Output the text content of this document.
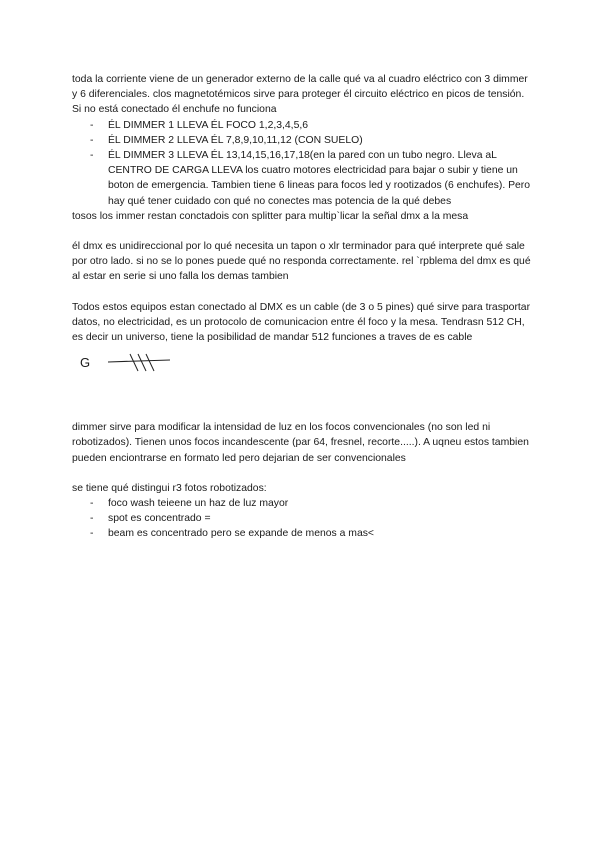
toda la corriente viene de un generador externo de la calle qué va al cuadro eléctrico con 3 dimmer y 6 diferenciales. clos magnetotémicos sirve para proteger él circuito eléctrico en picos de tensión. Si no está conectado él enchufe no funciona

- ÉL DIMMER 1 LLEVA ÉL FOCO 1,2,3,4,5,6
- ÉL DIMMER 2 LLEVA ÉL 7,8,9,10,11,12 (CON SUELO)
- ÉL DIMMER 3 LLEVA ÉL 13,14,15,16,17,18(en la pared con un tubo negro. Lleva aL CENTRO DE CARGA LLEVA los cuatro motores electricidad para bajar o subir y tiene un boton de emergencia. Tambien tiene 6 lineas para focos led y rootizados (6 enchufes). Pero hay qué tener cuidado con qué no conectes mas potencia de la qué debes

tosos los immer restan conctadois con splitter para multip`licar la señal dmx a la mesa

él dmx es unidireccional por lo qué necesita un tapon o xlr terminador para qué interprete qué sale por otro lado. si no se lo pones puede qué no responda correctamente. rel `rpblema del dmx es qué al estar en serie si uno falla los demas tambien

Todos estos equipos estan conectado al DMX es un cable (de 3 o 5 pines) qué sirve para trasportar datos, no electricidad, es un protocolo de comunicacion entre él foco y la mesa. Tendrasn 512 CH, es decir un universo, tiene la posibilidad de mandar 512 funciones a traves de es cable

G

dimmer sirve para modificar la intensidad de luz en los focos convencionales (no son led ni robotizados). Tienen unos focos incandescente (par 64, fresnel, recorte.....). A uqneu estos tambien pueden enciontrarse en formato led pero dejarian de ser convencionales

se tiene qué distingui r3 fotos robotizados:

- foco wash teieene un haz de luz mayor
- spot es concentrado =
- beam es concentrado pero se expande de menos a mas<
